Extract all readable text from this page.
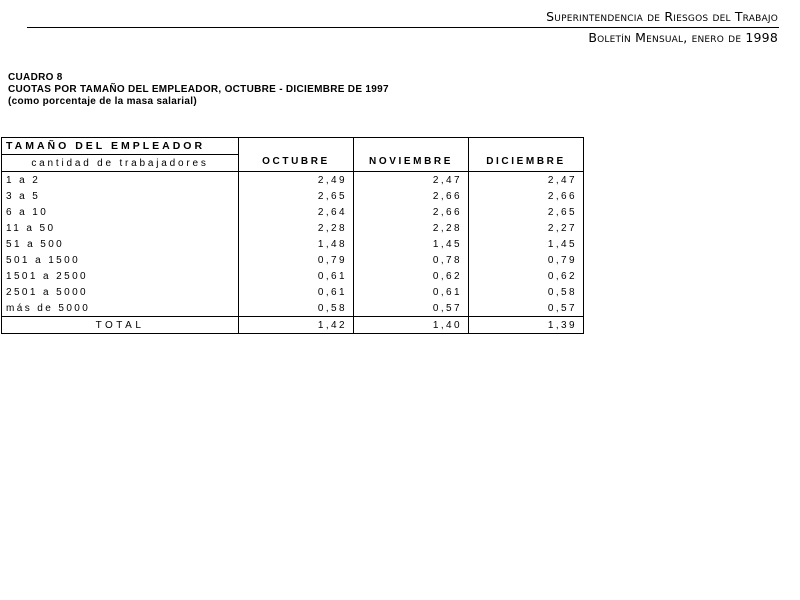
Superintendencia de Riesgos del Trabajo
Boletín Mensual, enero de 1998
CUADRO 8
CUOTAS POR TAMAÑO DEL EMPLEADOR, OCTUBRE - DICIEMBRE DE 1997
(como porcentaje de la masa salarial)
TAMAÑO DEL EMPLEADOR	OCTUBRE	NOVIEMBRE	DICIEMBRE
cantidad de trabajadores			
1 a 2	2,49	2,47	2,47
3 a 5	2,65	2,66	2,66
6 a 10	2,64	2,66	2,65
11 a 50	2,28	2,28	2,27
51 a 500	1,48	1,45	1,45
501 a 1500	0,79	0,78	0,79
1501 a 2500	0,61	0,62	0,62
2501 a 5000	0,61	0,61	0,58
más de 5000	0,58	0,57	0,57
TOTAL	1,42	1,40	1,39
